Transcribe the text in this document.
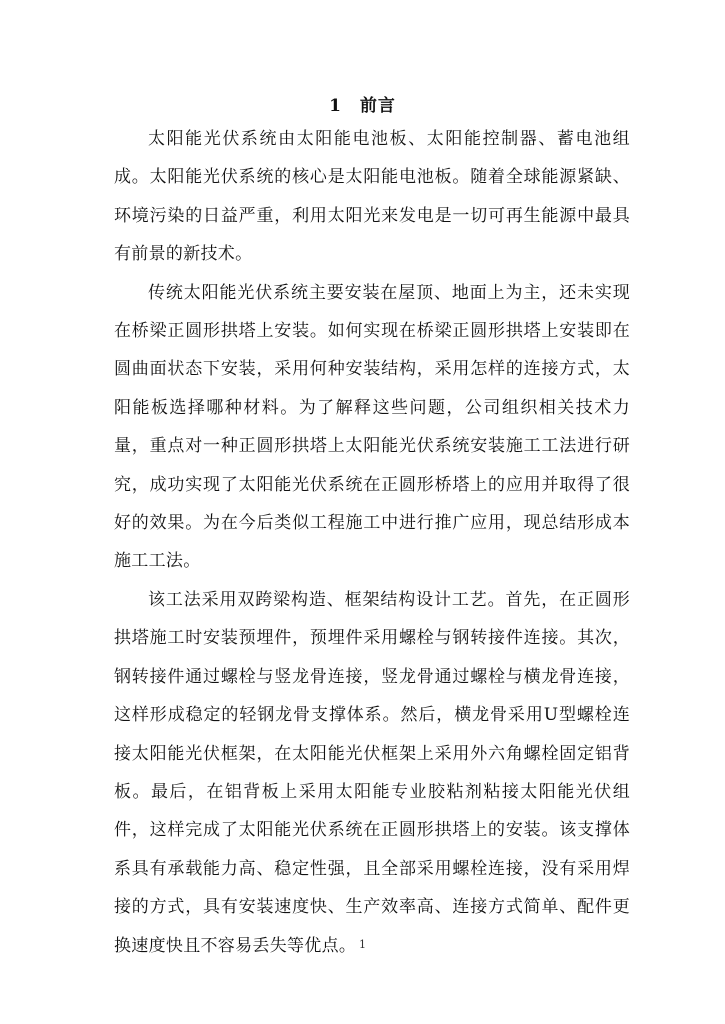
1　前言

太阳能光伏系统由太阳能电池板、太阳能控制器、蓄电池组成。太阳能光伏系统的核心是太阳能电池板。随着全球能源紧缺、环境污染的日益严重，利用太阳光来发电是一切可再生能源中最具有前景的新技术。

传统太阳能光伏系统主要安装在屋顶、地面上为主，还未实现在桥梁正圆形拱塔上安装。如何实现在桥梁正圆形拱塔上安装即在圆曲面状态下安装，采用何种安装结构，采用怎样的连接方式，太阳能板选择哪种材料。为了解释这些问题，公司组织相关技术力量，重点对一种正圆形拱塔上太阳能光伏系统安装施工工法进行研究，成功实现了太阳能光伏系统在正圆形桥塔上的应用并取得了很好的效果。为在今后类似工程施工中进行推广应用，现总结形成本施工工法。

该工法采用双跨梁构造、框架结构设计工艺。首先，在正圆形拱塔施工时安装预埋件，预埋件采用螺栓与钢转接件连接。其次，钢转接件通过螺栓与竖龙骨连接，竖龙骨通过螺栓与横龙骨连接，这样形成稳定的轻钢龙骨支撑体系。然后，横龙骨采用U型螺栓连接太阳能光伏框架，在太阳能光伏框架上采用外六角螺栓固定铝背板。最后，在铝背板上采用太阳能专业胶粘剂粘接太阳能光伏组件，这样完成了太阳能光伏系统在正圆形拱塔上的安装。该支撑体系具有承载能力高、稳定性强，且全部采用螺栓连接，没有采用焊接的方式，具有安装速度快、生产效率高、连接方式简单、配件更换速度快且不容易丢失等优点。 1
